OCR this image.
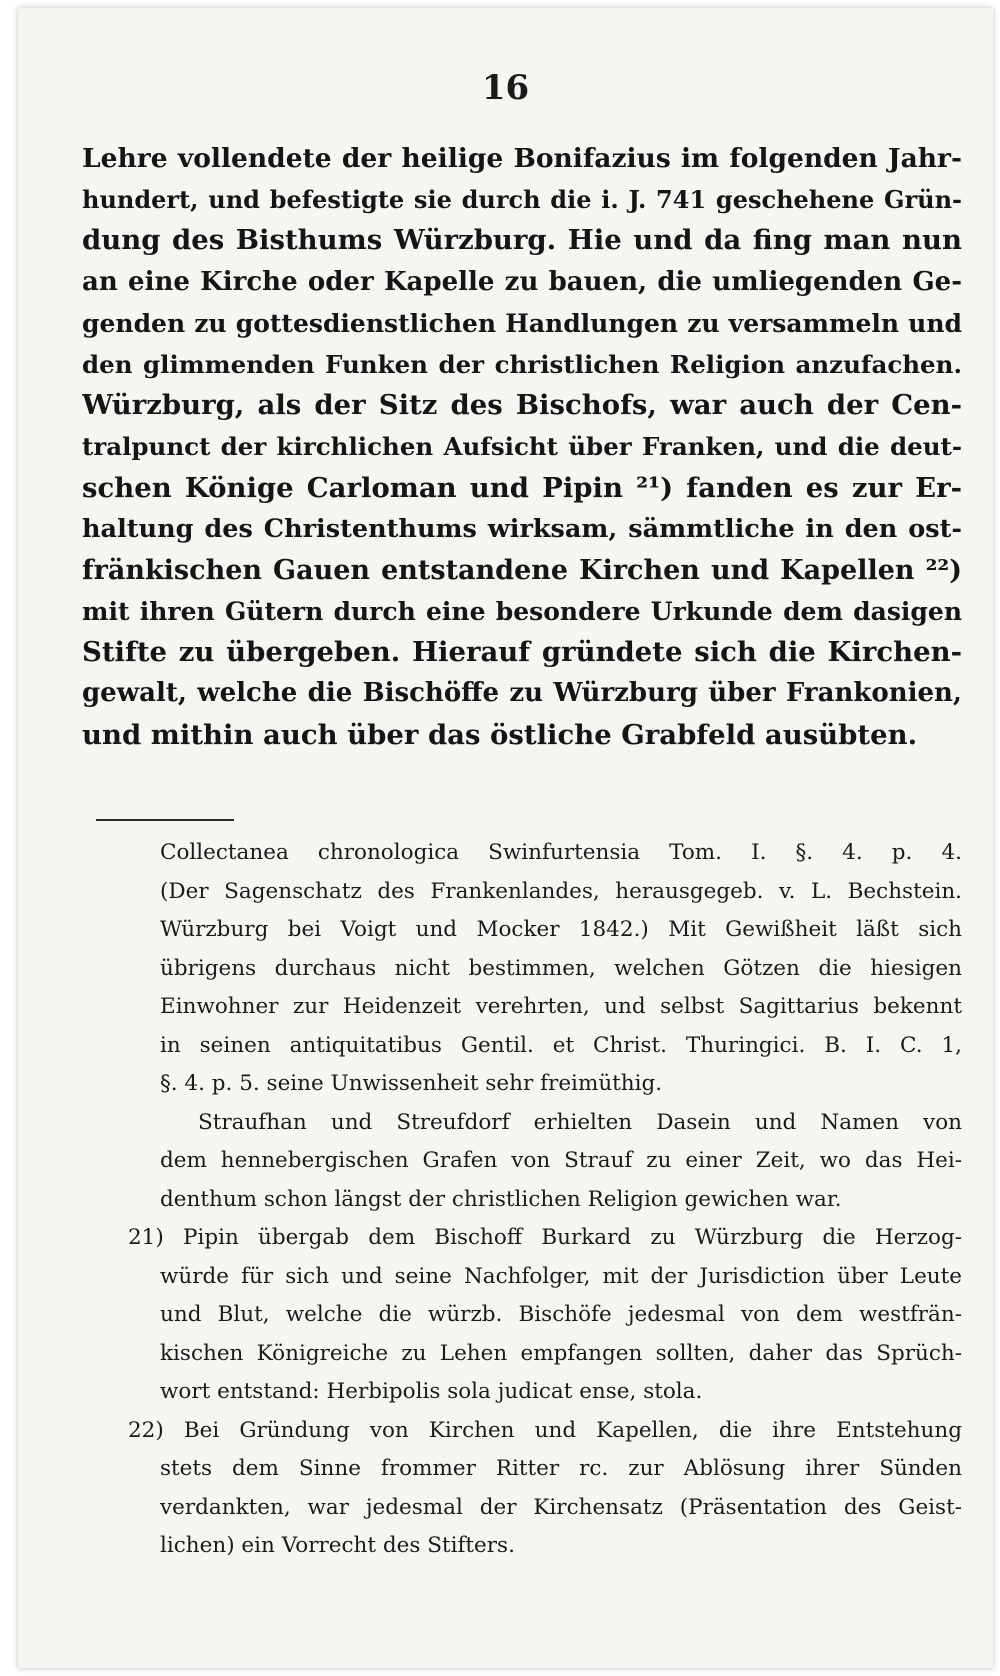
16
Lehre vollendete der heilige Bonifazius im folgenden Jahr-
hundert, und befestigte sie durch die i. J. 741 geschehene Grün-
dung des Bisthums Würzburg. Hie und da fing man nun
an eine Kirche oder Kapelle zu bauen, die umliegenden Ge-
genden zu gottesdienstlichen Handlungen zu versammeln und
den glimmenden Funken der christlichen Religion anzufachen.
Würzburg, als der Sitz des Bischofs, war auch der Cen-
tralpunct der kirchlichen Aufsicht über Franken, und die deut-
schen Könige Carloman und Pipin ²¹) fanden es zur Er-
haltung des Christenthums wirksam, sämmtliche in den ost-
fränkischen Gauen entstandene Kirchen und Kapellen ²²)
mit ihren Gütern durch eine besondere Urkunde dem dasigen
Stifte zu übergeben. Hierauf gründete sich die Kirchen-
gewalt, welche die Bischöffe zu Würzburg über Frankonien,
und mithin auch über das östliche Grabfeld ausübten.
Collectanea chronologica Swinfurtensia Tom. I. §. 4. p. 4.
(Der Sagenschatz des Frankenlandes, herausgegeb. v. L. Bechstein.
Würzburg bei Voigt und Mocker 1842.) Mit Gewißheit läßt sich
übrigens durchaus nicht bestimmen, welchen Götzen die hiesigen
Einwohner zur Heidenzeit verehrten, und selbst Sagittarius bekennt
in seinen antiquitatibus Gentil. et Christ. Thuringici. B. I. C. 1,
§. 4. p. 5. seine Unwissenheit sehr freimüthig.
Straufhan und Streufdorf erhielten Dasein und Namen von
dem hennebergischen Grafen von Strauf zu einer Zeit, wo das Hei-
denthum schon längst der christlichen Religion gewichen war.
21) Pipin übergab dem Bischoff Burkard zu Würzburg die Herzog-
würde für sich und seine Nachfolger, mit der Jurisdiction über Leute
und Blut, welche die würzb. Bischöfe jedesmal von dem westfrän-
kischen Königreiche zu Lehen empfangen sollten, daher das Sprüch-
wort entstand: Herbipolis sola judicat ense, stola.
22) Bei Gründung von Kirchen und Kapellen, die ihre Entstehung
stets dem Sinne frommer Ritter rc. zur Ablösung ihrer Sünden
verdankten, war jedesmal der Kirchensatz (Präsentation des Geist-
lichen) ein Vorrecht des Stifters.
